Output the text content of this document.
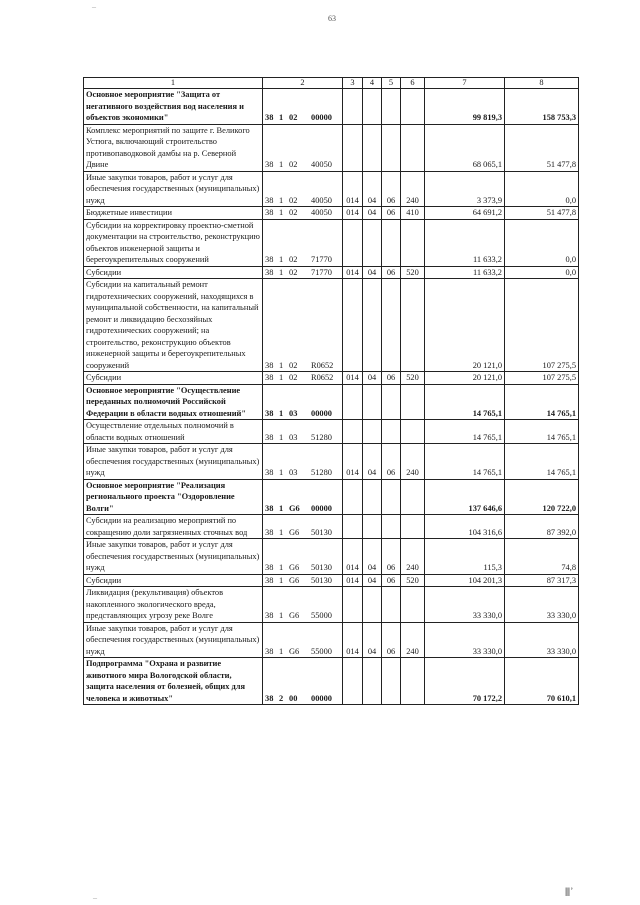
–
63
1	2	3	4	5	6	7	8
Основное мероприятие "Защита от негативного воздействия вод населения и объектов экономики"	38 1 02 00000					99 819,3	158 753,3
Комплекс мероприятий по защите г. Великого Устюга, включающий строительство противопаводковой дамбы на р. Северной Двине	38 1 02 40050					68 065,1	51 477,8
Иные закупки товаров, работ и услуг для обеспечения государственных (муниципальных) нужд	38 1 02 40050	014	04	06	240	3 373,9	0,0
Бюджетные инвестиции	38 1 02 40050	014	04	06	410	64 691,2	51 477,8
Субсидии на корректировку проектно-сметной документации на строительство, реконструкцию объектов инженерной защиты и берегоукрепительных сооружений	38 1 02 71770					11 633,2	0,0
Субсидии	38 1 02 71770	014	04	06	520	11 633,2	0,0
Субсидии на капитальный ремонт гидротехнических сооружений, находящихся в муниципальной собственности, на капитальный ремонт и ликвидацию бесхозяйных гидротехнических сооружений; на строительство, реконструкцию объектов инженерной защиты и берегоукрепительных сооружений	38 1 02 R0652					20 121,0	107 275,5
Субсидии	38 1 02 R0652	014	04	06	520	20 121,0	107 275,5
Основное мероприятие "Осуществление переданных полномочий Российской Федерации в области водных отношений"	38 1 03 00000					14 765,1	14 765,1
Осуществление отдельных полномочий в области водных отношений	38 1 03 51280					14 765,1	14 765,1
Иные закупки товаров, работ и услуг для обеспечения государственных (муниципальных) нужд	38 1 03 51280	014	04	06	240	14 765,1	14 765,1
Основное мероприятие "Реализация регионального проекта "Оздоровление Волги"	38 1 G6 00000					137 646,6	120 722,0
Субсидии на реализацию мероприятий по сокращению доли загрязненных сточных вод	38 1 G6 50130					104 316,6	87 392,0
Иные закупки товаров, работ и услуг для обеспечения государственных (муниципальных) нужд	38 1 G6 50130	014	04	06	240	115,3	74,8
Субсидии	38 1 G6 50130	014	04	06	520	104 201,3	87 317,3
Ликвидация (рекультивация) объектов накопленного экологического вреда, представляющих угрозу реке Волге	38 1 G6 55000					33 330,0	33 330,0
Иные закупки товаров, работ и услуг для обеспечения государственных (муниципальных) нужд	38 1 G6 55000	014	04	06	240	33 330,0	33 330,0
Подпрограмма "Охрана и развитие животного мира Вологодской области, защита населения от болезней, общих для человека и животных"	38 2 00 00000					70 172,2	70 610,1
–
||||| ’
